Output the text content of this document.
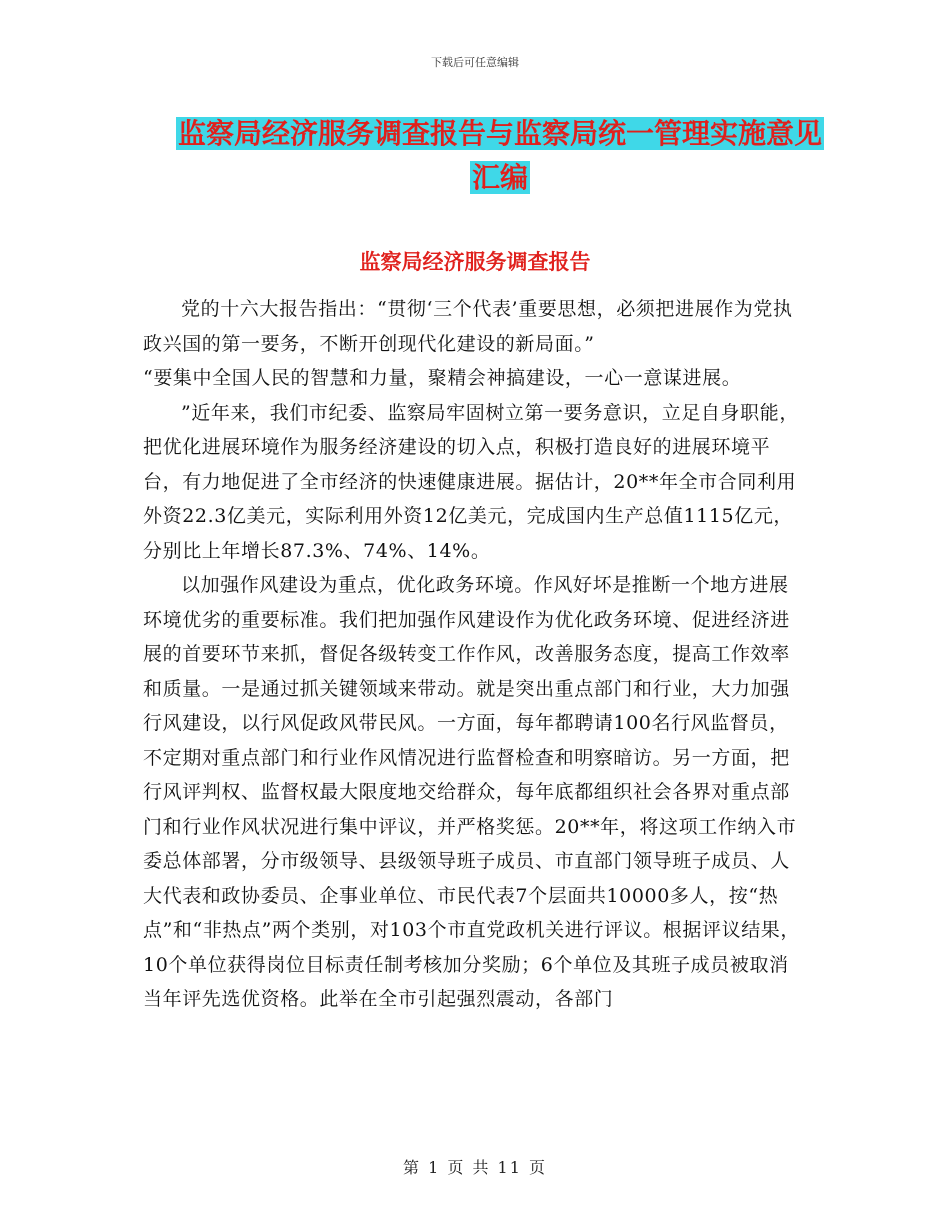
下载后可任意编辑
监察局经济服务调查报告与监察局统一管理实施意见
汇编
监察局经济服务调查报告

党的十六大报告指出：“贯彻‘三个代表’重要思想，必须把进展作为党执政兴国的第一要务，不断开创现代化建设的新局面。”

“要集中全国人民的智慧和力量，聚精会神搞建设，一心一意谋进展。

”近年来，我们市纪委、监察局牢固树立第一要务意识，立足自身职能，把优化进展环境作为服务经济建设的切入点，积极打造良好的进展环境平台，有力地促进了全市经济的快速健康进展。据估计，20**年全市合同利用外资22.3亿美元，实际利用外资12亿美元，完成国内生产总值1115亿元，分别比上年增长87.3%、74%、14%。

以加强作风建设为重点，优化政务环境。作风好坏是推断一个地方进展环境优劣的重要标准。我们把加强作风建设作为优化政务环境、促进经济进展的首要环节来抓，督促各级转变工作作风，改善服务态度，提高工作效率和质量。一是通过抓关键领域来带动。就是突出重点部门和行业，大力加强行风建设，以行风促政风带民风。一方面，每年都聘请100名行风监督员，不定期对重点部门和行业作风情况进行监督检查和明察暗访。另一方面，把行风评判权、监督权最大限度地交给群众，每年底都组织社会各界对重点部门和行业作风状况进行集中评议，并严格奖惩。20**年，将这项工作纳入市委总体部署，分市级领导、县级领导班子成员、市直部门领导班子成员、人大代表和政协委员、企事业单位、市民代表7个层面共10000多人，按“热点”和“非热点”两个类别，对103个市直党政机关进行评议。根据评议结果，10个单位获得岗位目标责任制考核加分奖励；6个单位及其班子成员被取消当年评先选优资格。此举在全市引起强烈震动，各部门

第 1 页 共 11 页
